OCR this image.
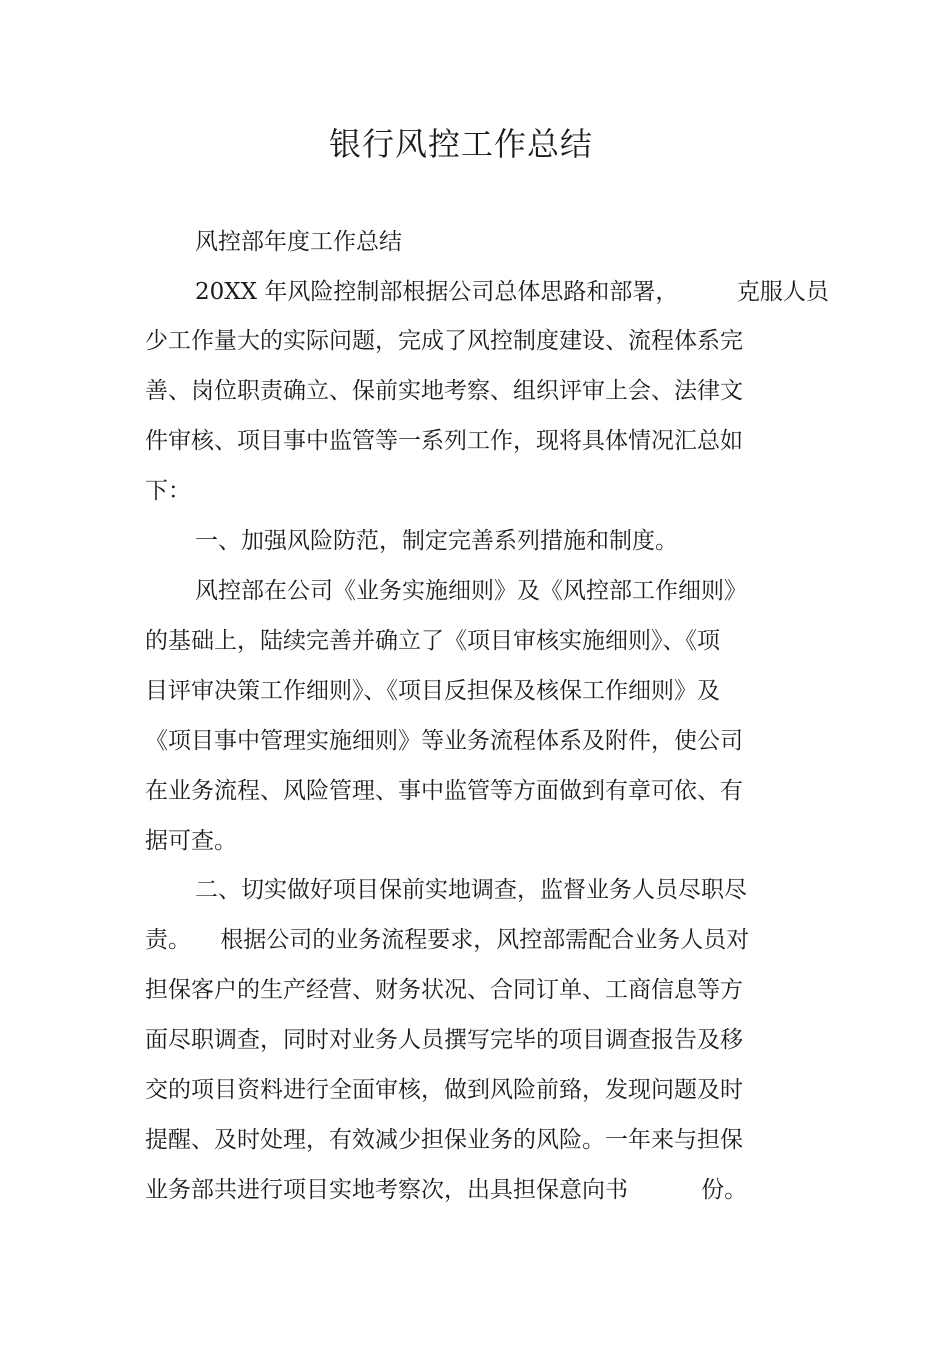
银行风控工作总结

风控部年度工作总结

20XX 年风险控制部根据公司总体思路和部署，        克服人员

少工作量大的实际问题，完成了风控制度建设、流程体系完

善、岗位职责确立、保前实地考察、组织评审上会、法律文

件审核、项目事中监管等一系列工作，现将具体情况汇总如

下：

一、加强风险防范，制定完善系列措施和制度。

风控部在公司《业务实施细则》及《风控部工作细则》

的基础上，陆续完善并确立了《项目审核实施细则》、《项

目评审决策工作细则》、《项目反担保及核保工作细则》及

《项目事中管理实施细则》等业务流程体系及附件，使公司

在业务流程、风险管理、事中监管等方面做到有章可依、有

据可查。

二、切实做好项目保前实地调查，监督业务人员尽职尽

责。    根据公司的业务流程要求，风控部需配合业务人员对

担保客户的生产经营、财务状况、合同订单、工商信息等方

面尽职调查，同时对业务人员撰写完毕的项目调查报告及移

交的项目资料进行全面审核，做到风险前臵，发现问题及时

提醒、及时处理，有效减少担保业务的风险。一年来与担保

业务部共进行项目实地考察次，出具担保意向书          份。
